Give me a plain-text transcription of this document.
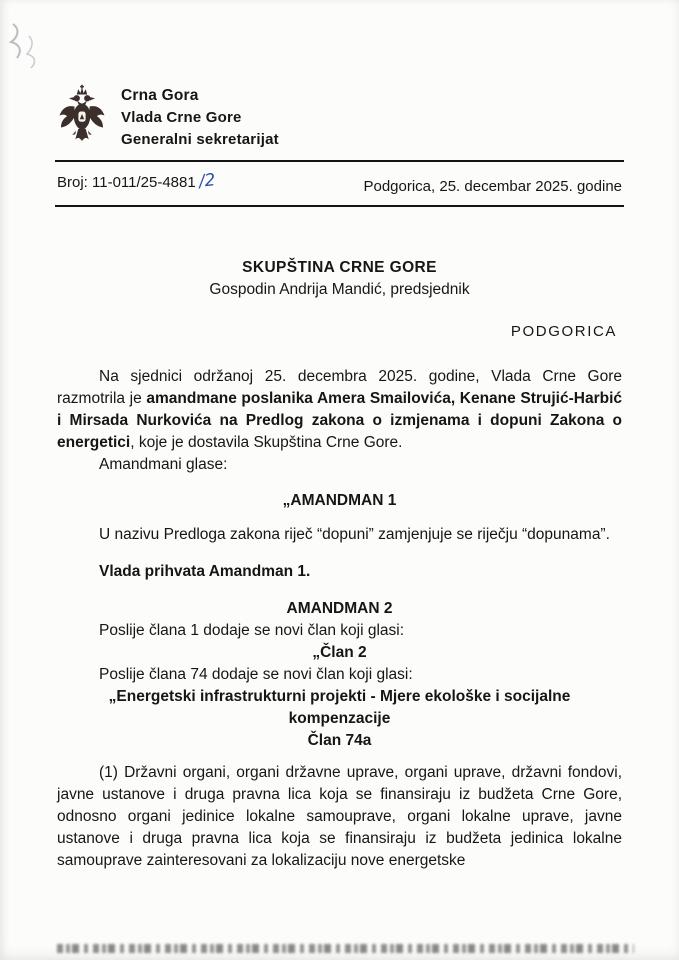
Crna Gora
Vlada Crne Gore
Generalni sekretarijat
Broj: 11-011/25-4881 /2	Podgorica, 25. decembar 2025. godine
SKUPŠTINA CRNE GORE
Gospodin Andrija Mandić, predsjednik
PODGORICA

Na sjednici održanoj 25. decembra 2025. godine, Vlada Crne Gore razmotrila je amandmane poslanika Amera Smailovića, Kenane Strujić-Harbić i Mirsada Nurkovića na Predlog zakona o izmjenama i dopuni Zakona o energetici, koje je dostavila Skupština Crne Gore.

Amandmani glase:

„AMANDMAN 1

U nazivu Predloga zakona riječ “dopuni” zamjenjuje se riječju “dopunama”.

Vlada prihvata Amandman 1.

AMANDMAN 2

Poslije člana 1 dodaje se novi član koji glasi:

„Član 2

Poslije člana 74 dodaje se novi član koji glasi:

„Energetski infrastrukturni projekti - Mjere ekološke i socijalne kompenzacije

Član 74a

(1) Državni organi, organi državne uprave, organi uprave, državni fondovi, javne ustanove i druga pravna lica koja se finansiraju iz budžeta Crne Gore, odnosno organi jedinice lokalne samouprave, organi lokalne uprave, javne ustanove i druga pravna lica koja se finansiraju iz budžeta jedinica lokalne samouprave zainteresovani za lokalizaciju nove energetske
